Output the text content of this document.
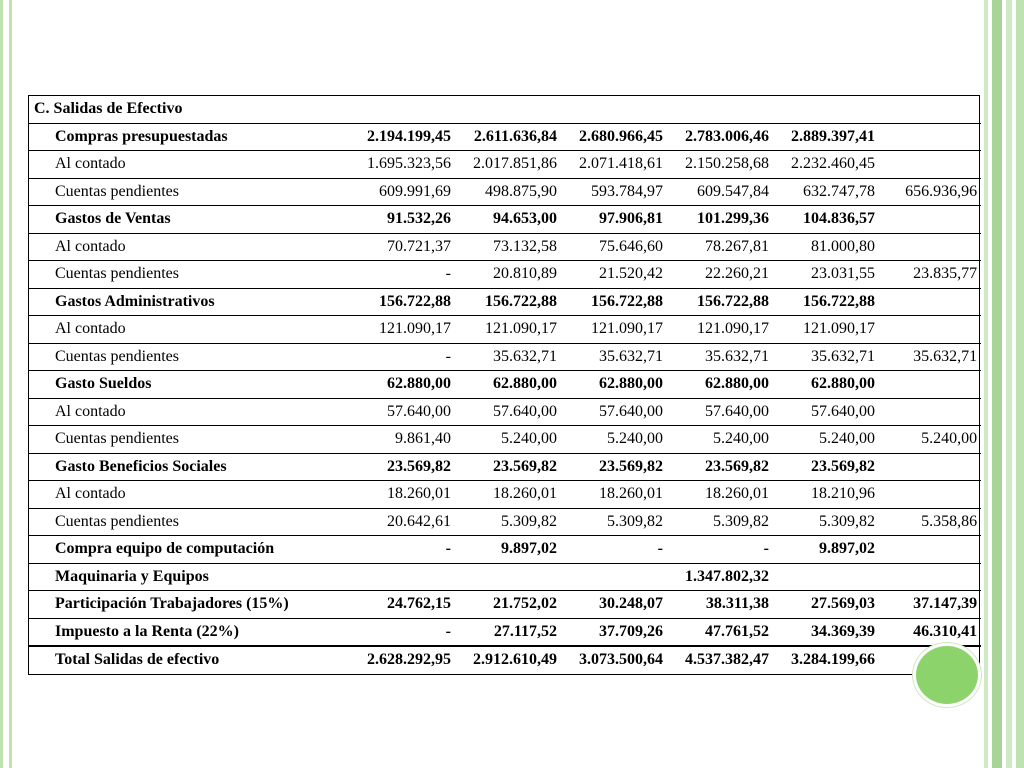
C. Salidas de Efectivo						
Compras presupuestadas	2.194.199,45	2.611.636,84	2.680.966,45	2.783.006,46	2.889.397,41	
Al contado	1.695.323,56	2.017.851,86	2.071.418,61	2.150.258,68	2.232.460,45	
Cuentas pendientes	609.991,69	498.875,90	593.784,97	609.547,84	632.747,78	656.936,96
Gastos de Ventas	91.532,26	94.653,00	97.906,81	101.299,36	104.836,57	
Al contado	70.721,37	73.132,58	75.646,60	78.267,81	81.000,80	
Cuentas pendientes	-	20.810,89	21.520,42	22.260,21	23.031,55	23.835,77
Gastos Administrativos	156.722,88	156.722,88	156.722,88	156.722,88	156.722,88	
Al contado	121.090,17	121.090,17	121.090,17	121.090,17	121.090,17	
Cuentas pendientes	-	35.632,71	35.632,71	35.632,71	35.632,71	35.632,71
Gasto Sueldos	62.880,00	62.880,00	62.880,00	62.880,00	62.880,00	
Al contado	57.640,00	57.640,00	57.640,00	57.640,00	57.640,00	
Cuentas pendientes	9.861,40	5.240,00	5.240,00	5.240,00	5.240,00	5.240,00
Gasto Beneficios Sociales	23.569,82	23.569,82	23.569,82	23.569,82	23.569,82	
Al contado	18.260,01	18.260,01	18.260,01	18.260,01	18.210,96	
Cuentas pendientes	20.642,61	5.309,82	5.309,82	5.309,82	5.309,82	5.358,86
Compra equipo de computación	-	9.897,02	-	-	9.897,02	
Maquinaria y Equipos				1.347.802,32		
Participación Trabajadores (15%)	24.762,15	21.752,02	30.248,07	38.311,38	27.569,03	37.147,39
Impuesto a la Renta (22%)	-	27.117,52	37.709,26	47.761,52	34.369,39	46.310,41
Total Salidas de efectivo	2.628.292,95	2.912.610,49	3.073.500,64	4.537.382,47	3.284.199,66	
